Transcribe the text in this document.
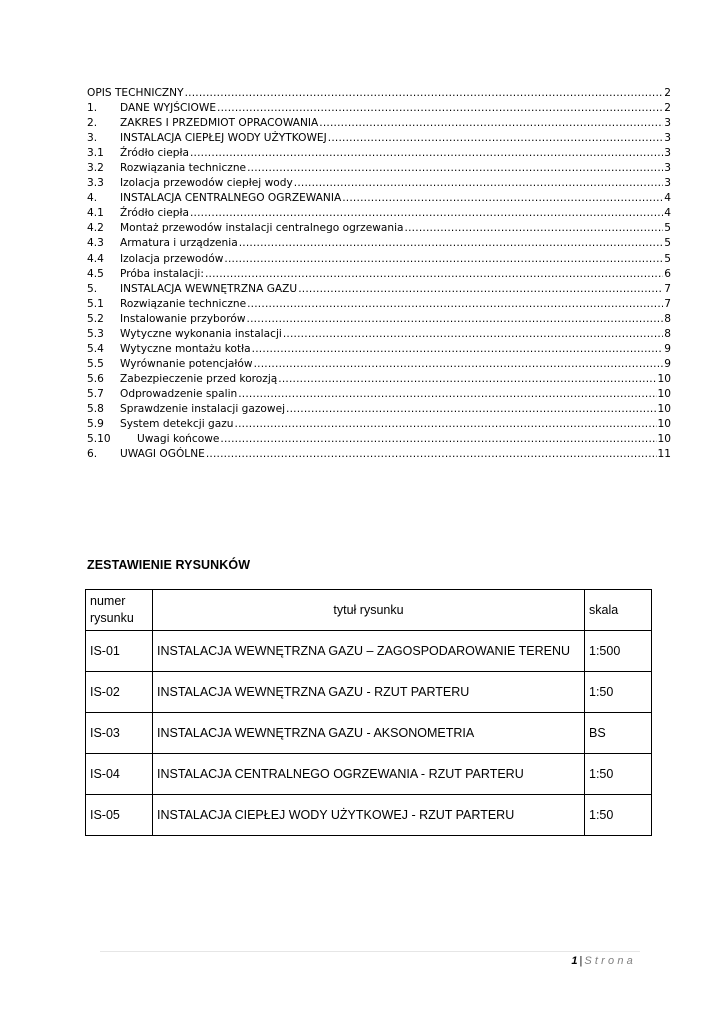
OPIS TECHNICZNY .....	2
1.	DANE WYJŚCIOWE .....	2
2.	ZAKRES I PRZEDMIOT OPRACOWANIA .....	3
3.	INSTALACJA CIEPŁEJ WODY UŻYTKOWEJ .....	3
3.1	Źródło ciepła .....	3
3.2	Rozwiązania techniczne .....	3
3.3	Izolacja przewodów ciepłej wody .....	3
4.	INSTALACJA CENTRALNEGO OGRZEWANIA .....	4
4.1	Źródło ciepła .....	4
4.2	Montaż przewodów instalacji centralnego ogrzewania .....	5
4.3	Armatura i urządzenia .....	5
4.4	Izolacja przewodów .....	5
4.5	Próba instalacji: .....	6
5.	INSTALACJA WEWNĘTRZNA GAZU .....	7
5.1	Rozwiązanie techniczne .....	7
5.2	Instalowanie przyborów .....	8
5.3	Wytyczne wykonania instalacji .....	8
5.4	Wytyczne montażu kotła .....	9
5.5	Wyrównanie potencjałów .....	9
5.6	Zabezpieczenie przed korozją .....	10
5.7	Odprowadzenie spalin .....	10
5.8	Sprawdzenie instalacji gazowej .....	10
5.9	System detekcji gazu .....	10
5.10	Uwagi końcowe .....	10
6.	UWAGI OGÓLNE .....	11
ZESTAWIENIE RYSUNKÓW
numer rysunku	tytuł rysunku	skala
IS-01	INSTALACJA WEWNĘTRZNA GAZU – ZAGOSPODAROWANIE TERENU	1:500
IS-02	INSTALACJA WEWNĘTRZNA GAZU - RZUT PARTERU	1:50
IS-03	INSTALACJA WEWNĘTRZNA GAZU - AKSONOMETRIA	BS
IS-04	INSTALACJA CENTRALNEGO OGRZEWANIA - RZUT PARTERU	1:50
IS-05	INSTALACJA CIEPŁEJ WODY UŻYTKOWEJ - RZUT PARTERU	1:50
1 | Strona
